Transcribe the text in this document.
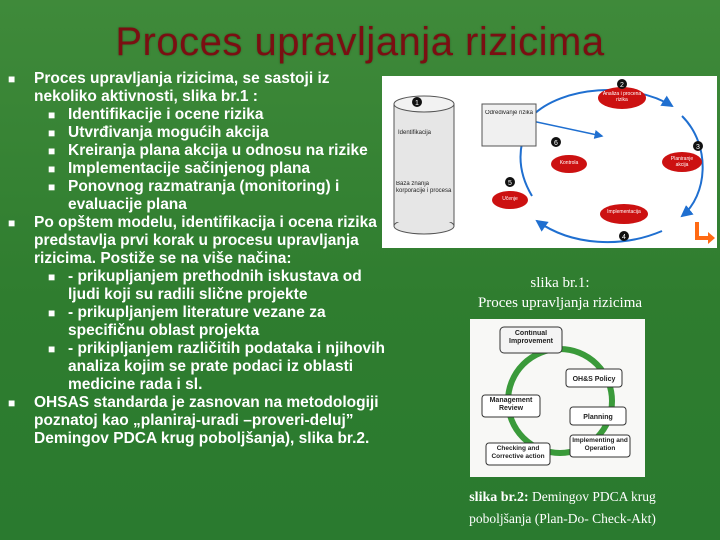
Proces upravljanja rizicima
■ Proces upravljanja rizicima, se sastoji iz nekoliko aktivnosti, slika br.1 :
■ Identifikacije i ocene rizika
■ Utvrđivanja mogućih akcija
■ Kreiranja plana akcija u odnosu na rizike
■ Implementacije sačinjenog plana
■ Ponovnog razmatranja (monitoring) i evaluacije plana
■ Po opštem modelu, identifikacija i ocena rizika predstavlja prvi korak u procesu upravljanja rizicima. Postiže se na više načina:
■ - prikupljanjem prethodnih iskustava od ljudi koji su radili slične projekte
■ - prikupljanjem literature vezane za specifičnu oblast projekta
■ - prikipljanjem različitih podataka i njihovih analiza kojim se prate podaci iz oblasti medicine rada i sl.
■ OHSAS standarda je zasnovan na metodologiji poznatoj kao „planiraj-uradi –proveri-deluj” Demingov PDCA krug poboljšanja), slika br.2.
Identifikacija
Baza znanja korporacije i procesa
Odredivanje rizika
Analiza i procena rizika
Planiranje akcija
Implementacija
Kontrola
Učenje
1
2
3
4
5
6
slika br.1:
Proces upravljanja rizicima
Continual Improvement
OH&S Policy
Management Review
Planning
Implementing and Operation
Checking and Corrective action
slika br.2: Demingov PDCA krug
poboljšanja (Plan-Do- Check-Akt)
